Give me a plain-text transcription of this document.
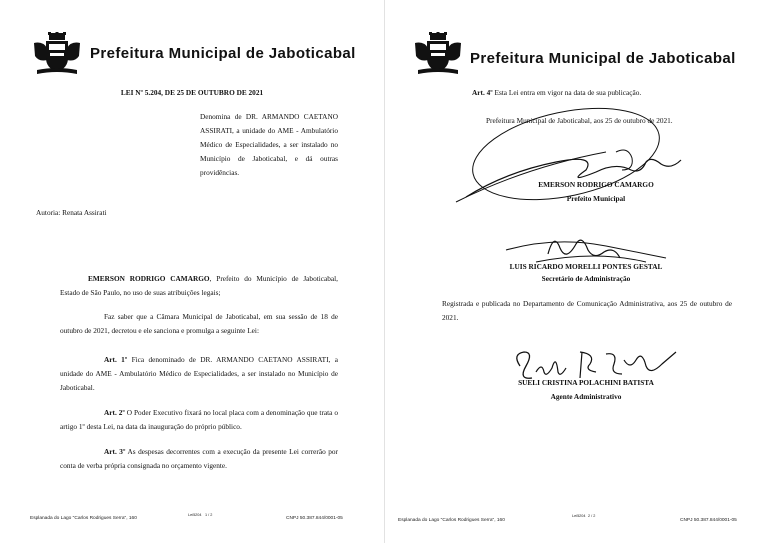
Prefeitura Municipal de Jaboticabal
LEI Nº 5.204, DE 25 DE OUTUBRO DE 2021
Denomina de DR. ARMANDO CAETANO ASSIRATI, a unidade do AME - Ambulatório Médico de Especialidades, a ser instalado no Município de Jaboticabal, e dá outras providências.
Autoria: Renata Assirati
EMERSON RODRIGO CAMARGO, Prefeito do Município de Jaboticabal, Estado de São Paulo, no uso de suas atribuições legais;
Faz saber que a Câmara Municipal de Jaboticabal, em sua sessão de 18 de outubro de 2021, decretou e ele sanciona e promulga a seguinte Lei:
Art. 1º Fica denominado de DR. ARMANDO CAETANO ASSIRATI, a unidade do AME - Ambulatório Médico de Especialidades, a ser instalado no Município de Jaboticabal.
Art. 2º O Poder Executivo fixará no local placa com a denominação que trata o artigo 1º desta Lei, na data da inauguração do próprio público.
Art. 3º As despesas decorrentes com a execução da presente Lei correrão por conta de verba própria consignada no orçamento vigente.
Esplanada do Lago "Carlos Rodrigues Serra", 160
Lei5204 1 / 2
CNPJ 50.387.844/0001-05
Prefeitura Municipal de Jaboticabal
Art. 4º Esta Lei entra em vigor na data de sua publicação.
Prefeitura Municipal de Jaboticabal, aos 25 de outubro de 2021.
EMERSON RODRIGO CAMARGO
Prefeito Municipal
LUIS RICARDO MORELLI PONTES GESTAL
Secretário de Administração
Registrada e publicada no Departamento de Comunicação Administrativa, aos 25 de outubro de 2021.
SUELI CRISTINA POLACHINI BATISTA
Agente Administrativo
Esplanada do Lago "Carlos Rodrigues Serra", 160
Lei5204 2 / 2
CNPJ 50.387.844/0001-05
